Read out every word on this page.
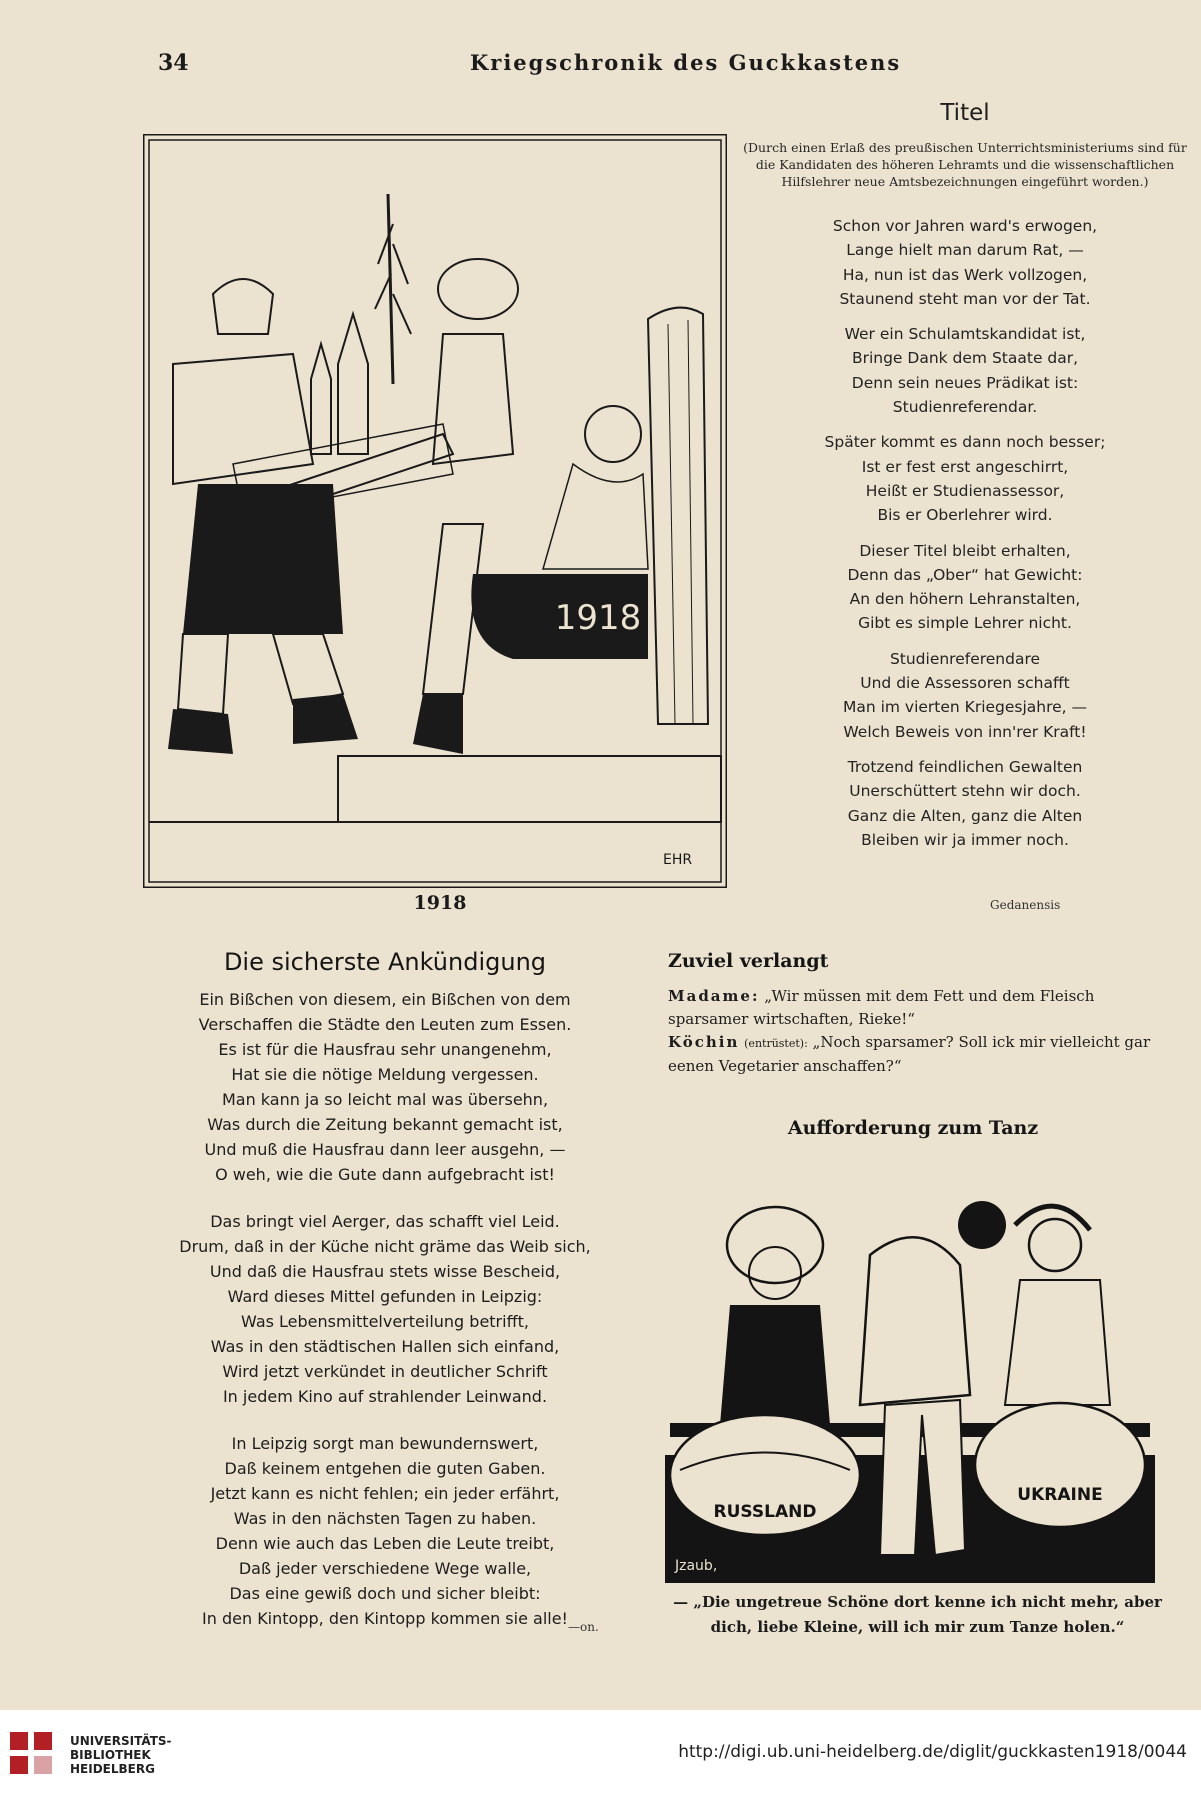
34	Kriegschronik des Guckkastens
1918
EHR
1918
Titel
(Durch einen Erlaß des preußischen Unterrichtsministeriums sind für die Kandidaten des höheren Lehramts und die wissenschaftlichen Hilfslehrer neue Amtsbezeichnungen eingeführt worden.)
Schon vor Jahren ward's erwogen,
Lange hielt man darum Rat, —
Ha, nun ist das Werk vollzogen,
Staunend steht man vor der Tat.
Wer ein Schulamtskandidat ist,
Bringe Dank dem Staate dar,
Denn sein neues Prädikat ist:
Studienreferendar.
Später kommt es dann noch besser;
Ist er fest erst angeschirrt,
Heißt er Studienassessor,
Bis er Oberlehrer wird.
Dieser Titel bleibt erhalten,
Denn das „Ober“ hat Gewicht:
An den höhern Lehranstalten,
Gibt es simple Lehrer nicht.
Studienreferendare
Und die Assessoren schafft
Man im vierten Kriegesjahre, —
Welch Beweis von inn'rer Kraft!
Trotzend feindlichen Gewalten
Unerschüttert stehn wir doch.
Ganz die Alten, ganz die Alten
Bleiben wir ja immer noch.
Gedanensis
Die sicherste Ankündigung
Ein Bißchen von diesem, ein Bißchen von dem
Verschaffen die Städte den Leuten zum Essen.
Es ist für die Hausfrau sehr unangenehm,
Hat sie die nötige Meldung vergessen.
Man kann ja so leicht mal was übersehn,
Was durch die Zeitung bekannt gemacht ist,
Und muß die Hausfrau dann leer ausgehn, —
O weh, wie die Gute dann aufgebracht ist!
Das bringt viel Aerger, das schafft viel Leid.
Drum, daß in der Küche nicht gräme das Weib sich,
Und daß die Hausfrau stets wisse Bescheid,
Ward dieses Mittel gefunden in Leipzig:
Was Lebensmittelverteilung betrifft,
Was in den städtischen Hallen sich einfand,
Wird jetzt verkündet in deutlicher Schrift
In jedem Kino auf strahlender Leinwand.
In Leipzig sorgt man bewundernswert,
Daß keinem entgehen die guten Gaben.
Jetzt kann es nicht fehlen; ein jeder erfährt,
Was in den nächsten Tagen zu haben.
Denn wie auch das Leben die Leute treibt,
Daß jeder verschiedene Wege walle,
Das eine gewiß doch und sicher bleibt:
In den Kintopp, den Kintopp kommen sie alle! —on.
Zuviel verlangt
Madame: „Wir müssen mit dem Fett und dem Fleisch sparsamer wirtschaften, Rieke!“
Köchin (entrüstet): „Noch sparsamer? Soll ick mir vielleicht gar eenen Vegetarier anschaffen?“
Aufforderung zum Tanz
RUSSLAND
UKRAINE
Jzaub,
— „Die ungetreue Schöne dort kenne ich nicht mehr, aber dich, liebe Kleine, will ich mir zum Tanze holen.“
UNIVERSITÄTS-
BIBLIOTHEK
HEIDELBERG
http://digi.ub.uni-heidelberg.de/diglit/guckkasten1918/0044
